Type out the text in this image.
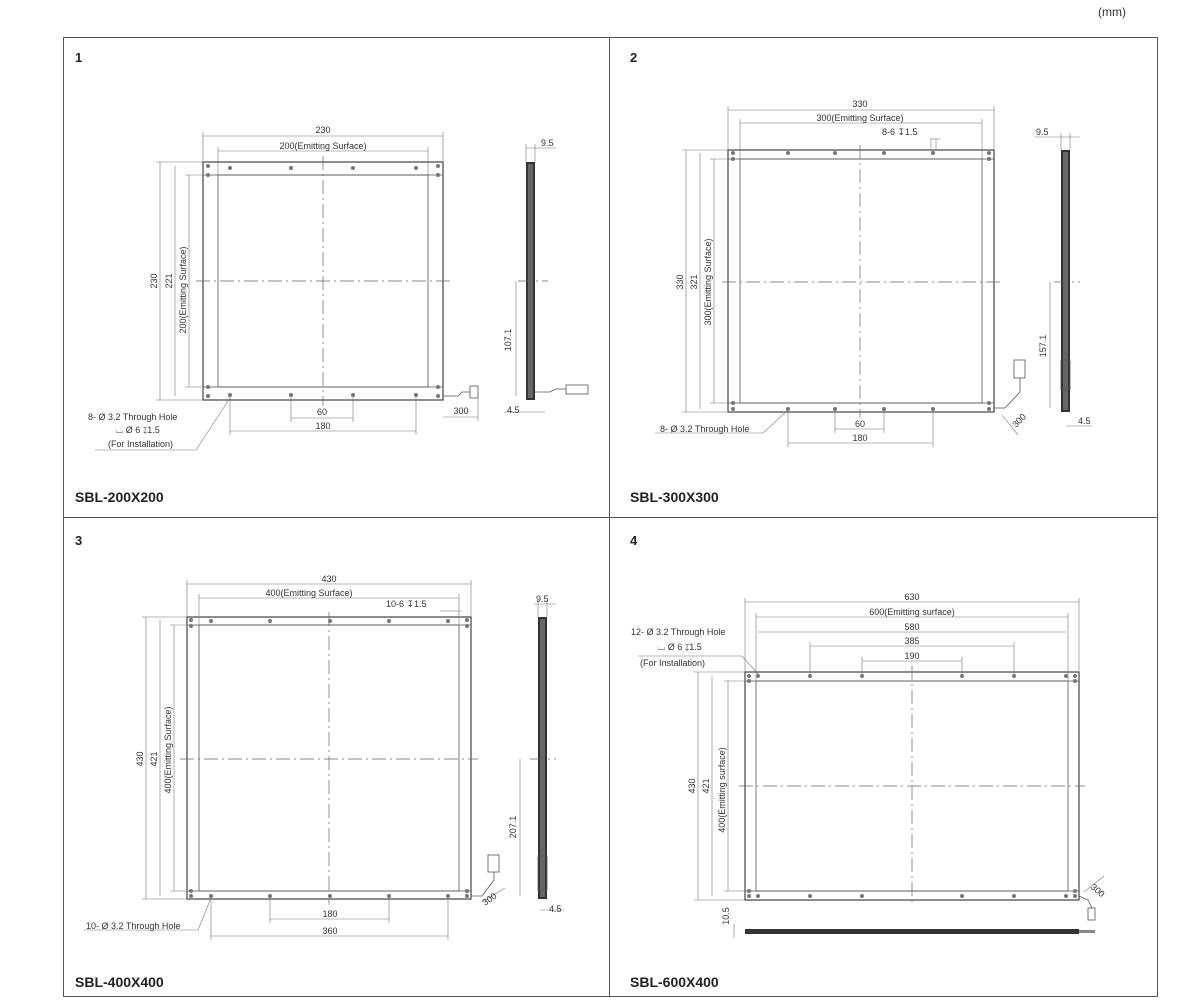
(mm)
1
SBL-200X200
2
SBL-300X300
3
SBL-400X400
4
SBL-600X400
230
200(Emitting Surface)
230 221 200(Emitting Surface)
60
180
300
8- Ø 3.2 Through Hole
⌴ Ø 6 ↧1.5
(For Installation)
9.5
107.1
4.5
330
300(Emitting Surface)
8-6 ↧1.5
330 321 300(Emitting Surface)
60
180
300
8- Ø 3.2 Through Hole
9.5
157.1
4.5
430
400(Emitting Surface)
10-6 ↧1.5
430 421 400(Emitting Surface)
180
360
300
10- Ø 3.2 Through Hole
9.5
207.1
4.5
630
600(Emitting surface)
580
385
190
430 421 400(Emitting surface)
300
12- Ø 3.2 Through Hole
⌴ Ø 6 ↧1.5
(For Installation)
10.5
